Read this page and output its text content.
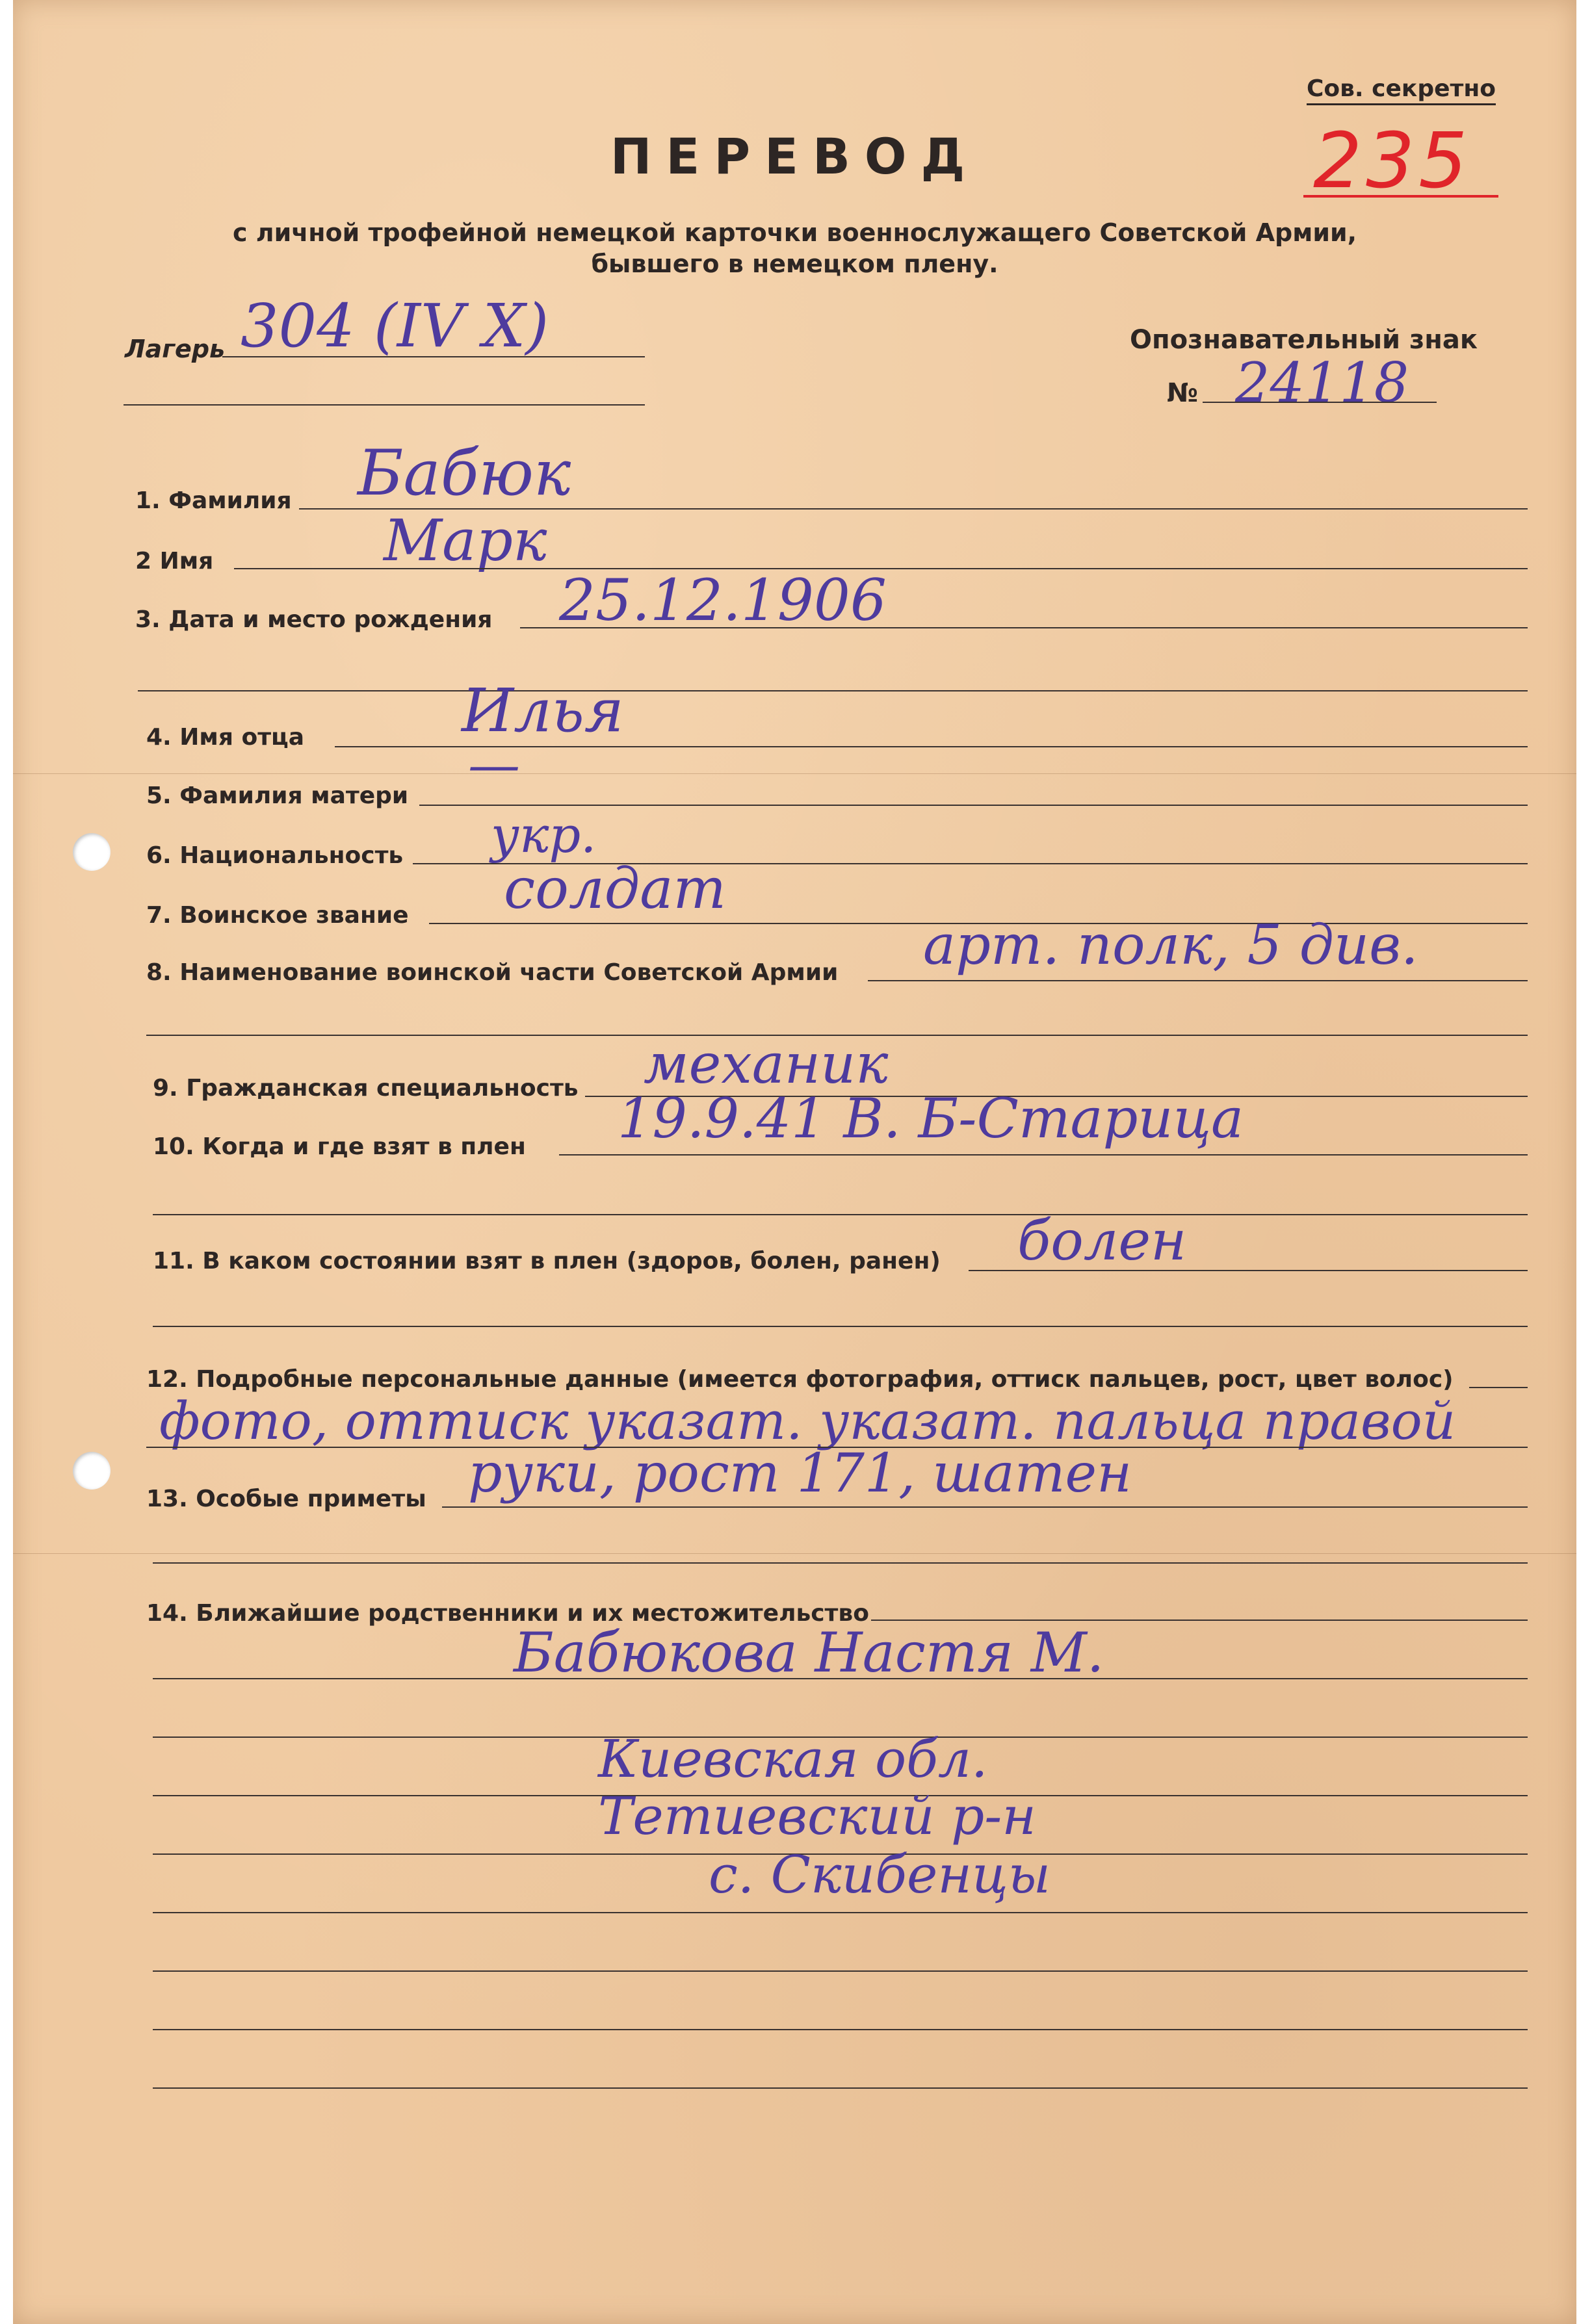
Сов. секретно
235
ПЕРЕВОД
с личной трофейной немецкой карточки военнослужащего Советской Армии,
бывшего в немецком плену.
Лагерь 304 (IV X)	Опознавательный знак
№ 24118
1. Фамилия Бабюк
2 Имя	Марк
3. Дата и место рождения 25.12.1906
4. Имя отца	Илья
5. Фамилия матери
—
6. Национальность укр.
7. Воинское звание солдат
8. Наименование воинской части Советской Армии арт. полк, 5 див.
9. Гражданская специальность механик
10. Когда и где взят в плен 19.9.41 В. Б-Старица
11. В каком состоянии взят в плен (здоров, болен, ранен) болен
12. Подробные персональные данные (имеется фотография, оттиск пальцев, рост, цвет волос)
фото, оттиск указат. указат. пальца правой
13. Особые приметы руки, рост 171, шатен
14. Ближайшие родственники и их местожительство
Бабюкова Настя М.
Киевская обл.
Тетиевский р-н
с. Скибенцы
